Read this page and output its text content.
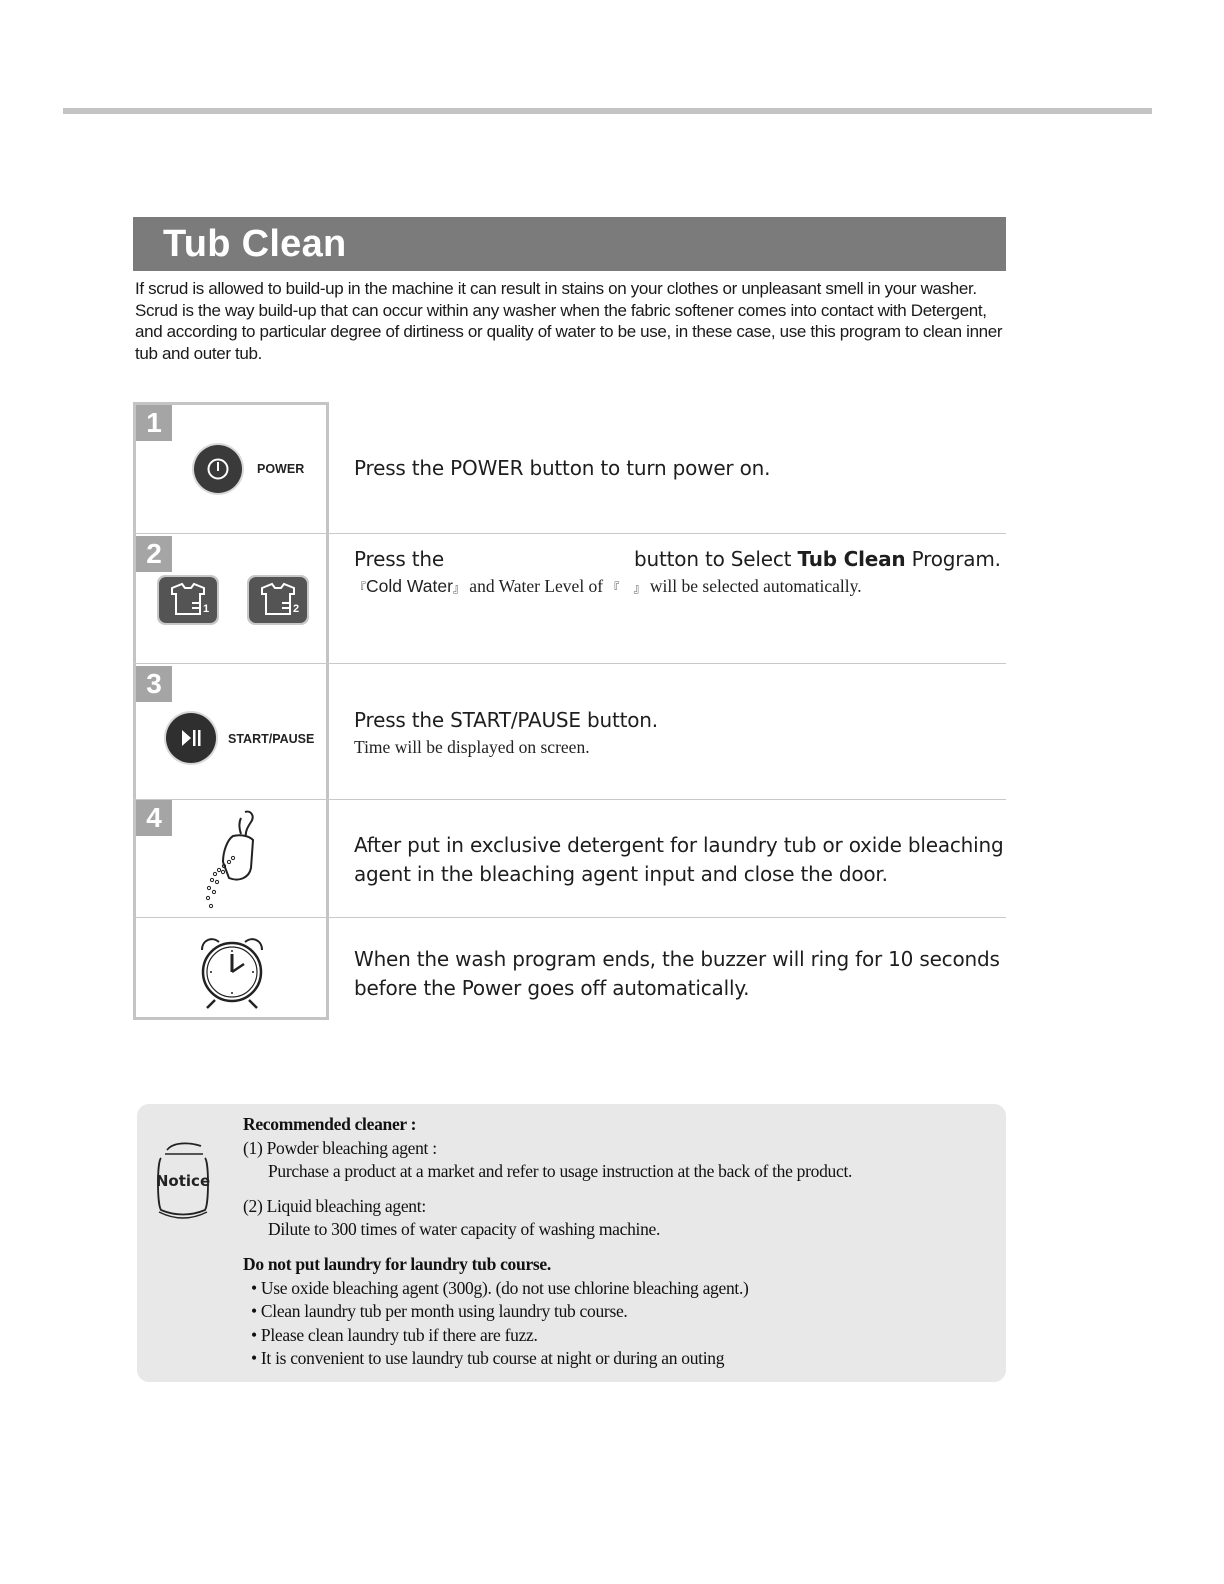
Tub Clean

If scrud is allowed to build-up in the machine it can result in stains on your clothes or unpleasant smell in your washer. Scrud is the way build-up that can occur within any washer when the fabric softener comes into contact with Detergent, and according to particular degree of dirtiness or quality of water to be use, in these case, use this program to clean inner tub and outer tub.

1
POWER Press the POWER button to turn power on.
2
1	2
Press the	button to Select Tub Clean Program.
『Cold Water』 and Water Level of 『 』 will be selected automatically.
3
START/PAUSE
Press the START/PAUSE button.
Time will be displayed on screen.
4
After put in exclusive detergent for laundry tub or oxide bleaching
agent in the bleaching agent input and close the door.
When the wash program ends, the buzzer will ring for 10 seconds
before the Power goes off automatically.
Notice
Recommended cleaner :
(1) Powder bleaching agent :
Purchase a product at a market and refer to usage instruction at the back of the product.
(2) Liquid bleaching agent:
Dilute to 300 times of water capacity of washing machine.
Do not put laundry for laundry tub course.
• Use oxide bleaching agent (300g). (do not use chlorine bleaching agent.)
• Clean laundry tub per month using laundry tub course.
• Please clean laundry tub if there are fuzz.
• It is convenient to use laundry tub course at night or during an outing
